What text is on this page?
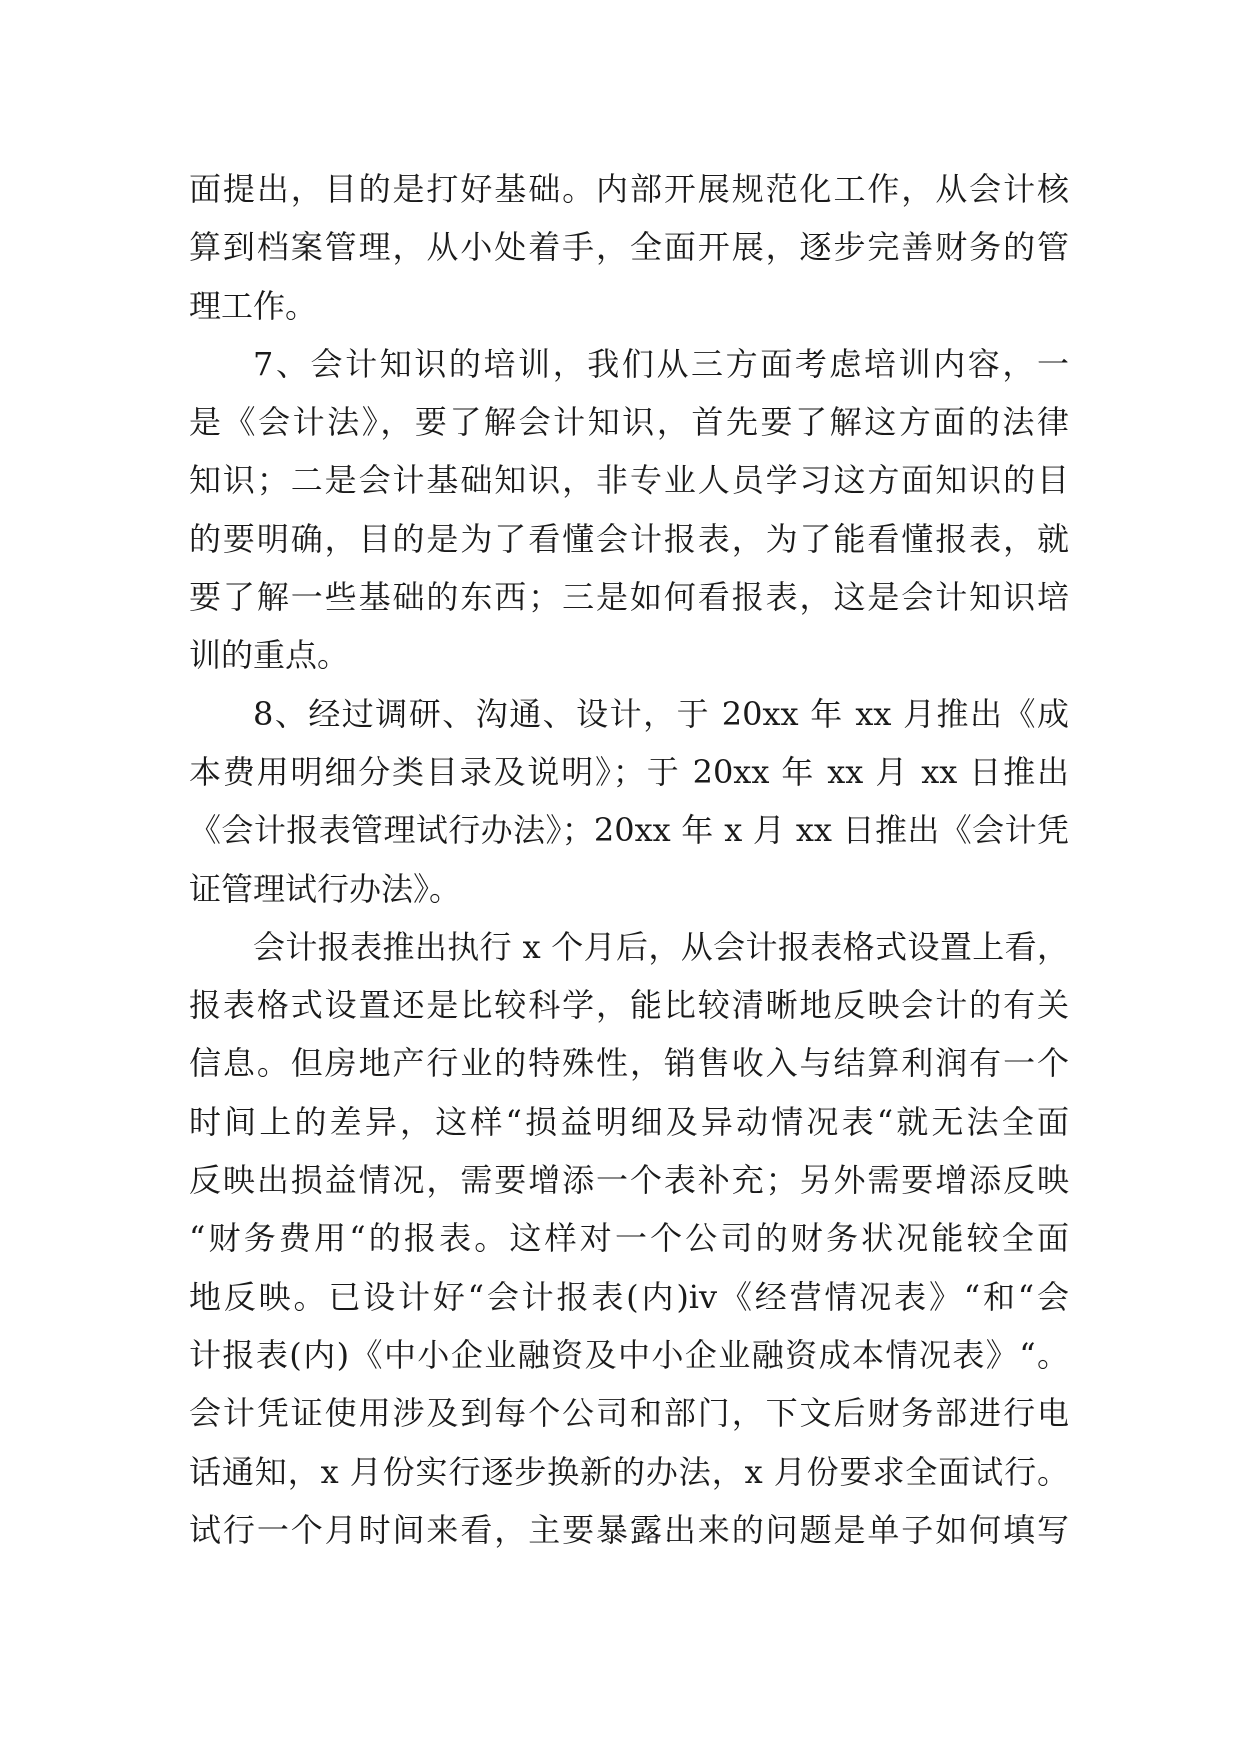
面提出，目的是打好基础。内部开展规范化工作，从会计核
算到档案管理，从小处着手，全面开展，逐步完善财务的管
理工作。
7、会计知识的培训，我们从三方面考虑培训内容，一
是《会计法》，要了解会计知识，首先要了解这方面的法律
知识；二是会计基础知识，非专业人员学习这方面知识的目
的要明确，目的是为了看懂会计报表，为了能看懂报表，就
要了解一些基础的东西；三是如何看报表，这是会计知识培
训的重点。
8、经过调研、沟通、设计，于 20xx 年 xx 月推出《成
本费用明细分类目录及说明》；于 20xx 年 xx 月 xx 日推出
《会计报表管理试行办法》；20xx 年 x 月 xx 日推出《会计凭
证管理试行办法》。
会计报表推出执行 x 个月后，从会计报表格式设置上看，
报表格式设置还是比较科学，能比较清晰地反映会计的有关
信息。但房地产行业的特殊性，销售收入与结算利润有一个
时间上的差异，这样“损益明细及异动情况表“就无法全面
反映出损益情况，需要增添一个表补充；另外需要增添反映
“财务费用“的报表。这样对一个公司的财务状况能较全面
地反映。已设计好“会计报表(内)iv《经营情况表》“和“会
计报表(内)《中小企业融资及中小企业融资成本情况表》“。
会计凭证使用涉及到每个公司和部门，下文后财务部进行电
话通知，x 月份实行逐步换新的办法，x 月份要求全面试行。
试行一个月时间来看，主要暴露出来的问题是单子如何填写
